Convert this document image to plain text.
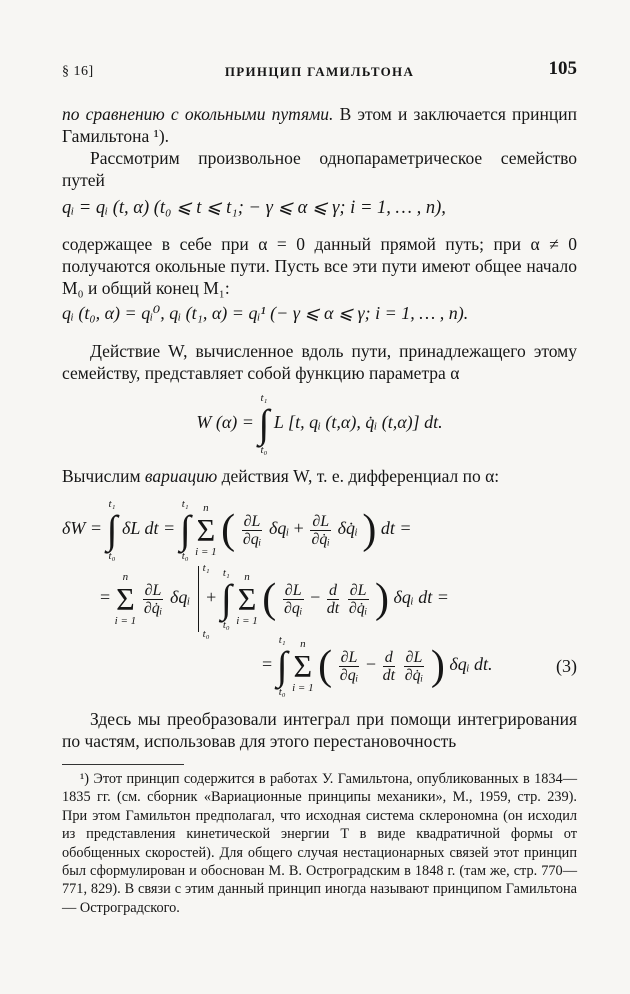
§ 16]	ПРИНЦИП ГАМИЛЬТОНА	105
по сравнению с окольными путями. В этом и заключается принцип Гамильтона ¹).
Рассмотрим произвольное однопараметрическое семейство путей
qᵢ = qᵢ (t, α) (t₀ ⩽ t ⩽ t₁; − γ ⩽ α ⩽ γ; i = 1, … , n),
содержащее в себе при α = 0 данный прямой путь; при α ≠ 0 получаются окольные пути. Пусть все эти пути имеют общее начало M₀ и общий конец M₁:
qᵢ (t₀, α) = qᵢ⁰, qᵢ (t₁, α) = qᵢ¹ (− γ ⩽ α ⩽ γ; i = 1, … , n).
Действие W, вычисленное вдоль пути, принадлежащего этому семейству, представляет собой функцию параметра α
W (α) =
t₁
∫
t₀
L [t, qᵢ (t,α), q̇ᵢ (t,α)] dt.
Вычислим вариацию действия W, т. е. дифференциал по α:
δW =
t₁
∫
t₀
δL dt =
t₁
∫
t₀

n
Σ
i = 1 ( $\frac{\partial L}{\text{∂qᵢ}}$ δqᵢ + $\frac{\partial L}{\text{∂q̇ᵢ}}$ δq̇ᵢ ) dt =
=
n
Σ
i = 1

$\frac{\partial L}{\text{∂q̇ᵢ}}$ δqᵢ
t₁
t₀
+
t₁
∫
t₀

n
Σ
i = 1 ( $\frac{\partial L}{\text{∂qᵢ}} - \frac{d}{dt}$
$\frac{\partial L}{\text{∂q̇ᵢ}}$ ) δqᵢ dt =
=
t₁
∫
t₀

n
Σ
i = 1 ( $\frac{\partial L}{\text{∂qᵢ}} - \frac{d}{dt}$
$\frac{\partial L}{\text{∂q̇ᵢ}}$ ) δqᵢ dt.	(3)
Здесь мы преобразовали интеграл при помощи интегрирования по частям, использовав для этого перестановочность
¹) Этот принцип содержится в работах У. Гамильтона, опубликованных в 1834—1835 гг. (см. сборник «Вариационные принципы механики», М., 1959, стр. 239). При этом Гамильтон предполагал, что исходная система склерономна (он исходил из представления кинетической энергии T в виде квадратичной формы от обобщенных скоростей). Для общего случая нестационарных связей этот принцип был сформулирован и обоснован М. В. Остроградским в 1848 г. (там же, стр. 770—771, 829). В связи с этим данный принцип иногда называют принципом Гамильтона — Остроградского.
